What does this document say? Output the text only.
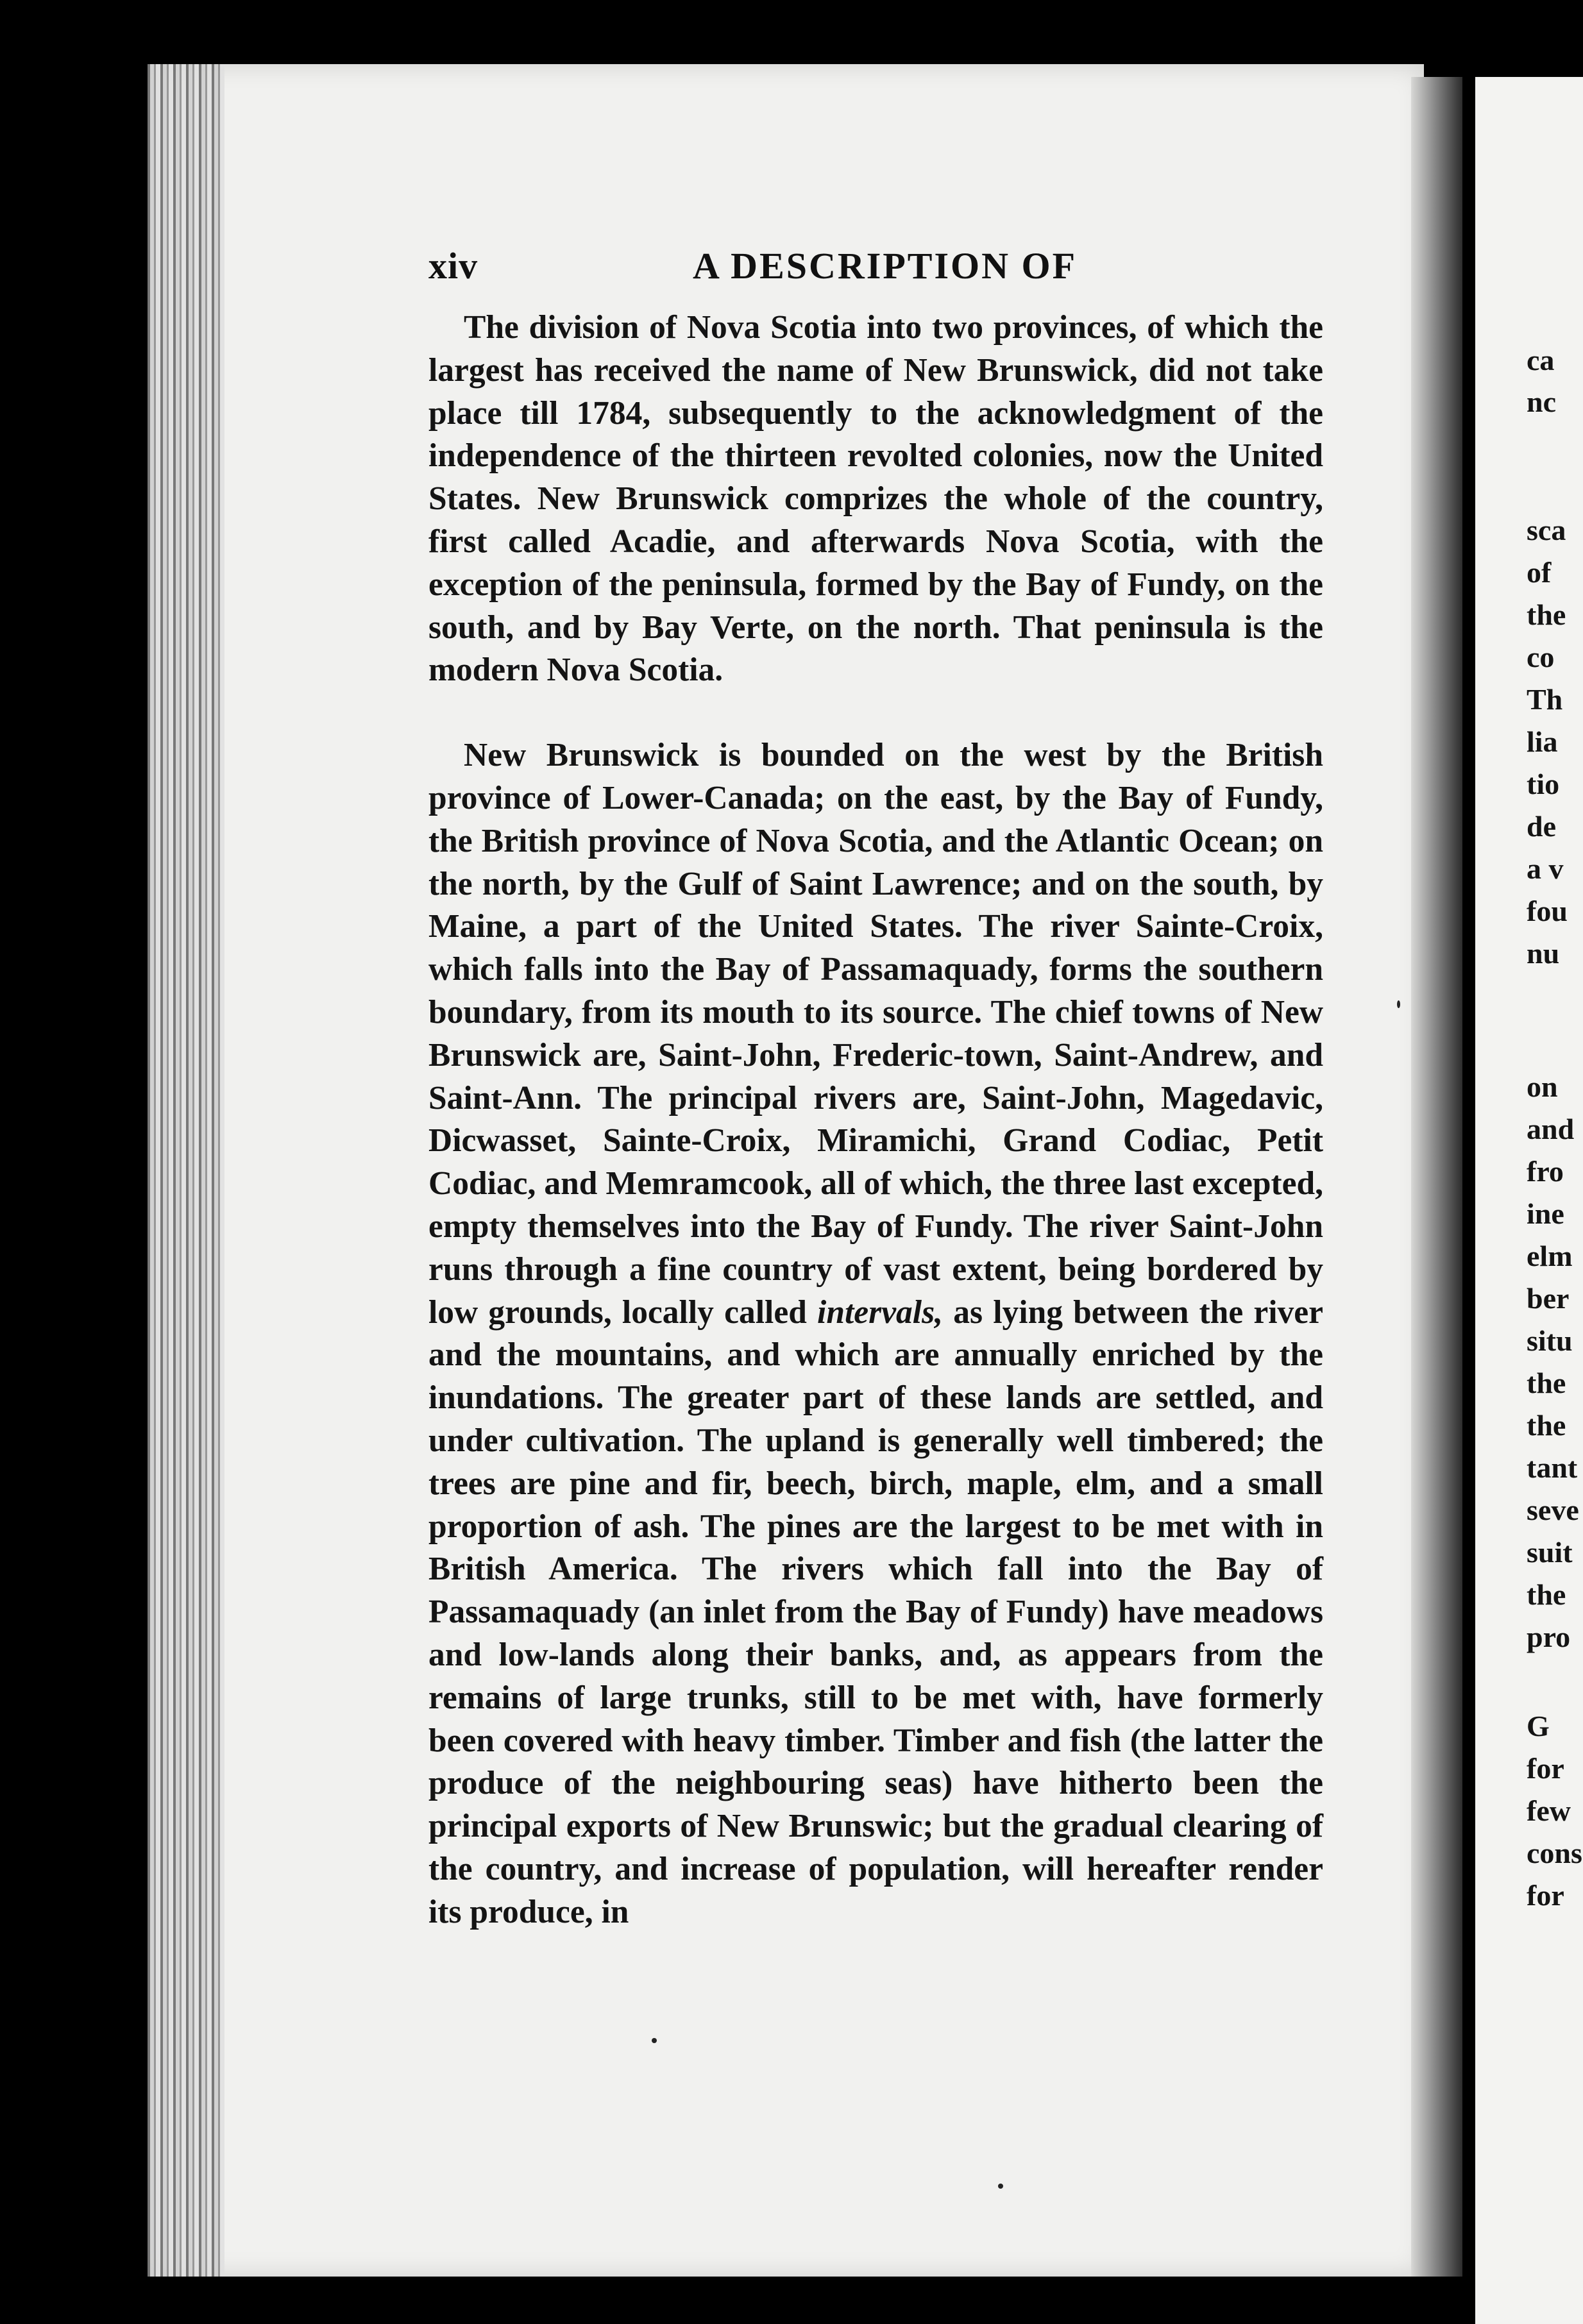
xiv	A DESCRIPTION OF

The division of Nova Scotia into two provinces, of which the largest has received the name of New Brunswick, did not take place till 1784, subsequently to the acknowledgment of the independence of the thirteen revolted colonies, now the United States. New Brunswick comprizes the whole of the country, first called Acadie, and afterwards Nova Scotia, with the exception of the peninsula, formed by the Bay of Fundy, on the south, and by Bay Verte, on the north. That peninsula is the modern Nova Scotia.

New Brunswick is bounded on the west by the British province of Lower-Canada; on the east, by the Bay of Fundy, the British province of Nova Scotia, and the Atlantic Ocean; on the north, by the Gulf of Saint Lawrence; and on the south, by Maine, a part of the United States. The river Sainte-Croix, which falls into the Bay of Passamaquady, forms the southern boundary, from its mouth to its source. The chief towns of New Brunswick are, Saint-John, Frederic-town, Saint-Andrew, and Saint-Ann. The principal rivers are, Saint-John, Magedavic, Dicwasset, Sainte-Croix, Miramichi, Grand Codiac, Petit Codiac, and Memramcook, all of which, the three last excepted, empty themselves into the Bay of Fundy. The river Saint-John runs through a fine country of vast extent, being bordered by low grounds, locally called intervals, as lying between the river and the mountains, and which are annually enriched by the inundations. The greater part of these lands are settled, and under cultivation. The upland is generally well timbered; the trees are pine and fir, beech, birch, maple, elm, and a small proportion of ash. The pines are the largest to be met with in British America. The rivers which fall into the Bay of Passamaquady (an inlet from the Bay of Fundy) have meadows and low-lands along their banks, and, as appears from the remains of large trunks, still to be met with, have formerly been covered with heavy timber. Timber and fish (the latter the produce of the neighbouring seas) have hitherto been the principal exports of New Brunswic; but the gradual clearing of the country, and increase of population, will hereafter render its produce, in

ca
nc
sca
of
the
co
Th
lia
tio
de
a v
fou
nu
on
and
fro
ine
elm
ber
situ
the
the
tant
seve
suit
the
pro
G
for
few
cons
for
